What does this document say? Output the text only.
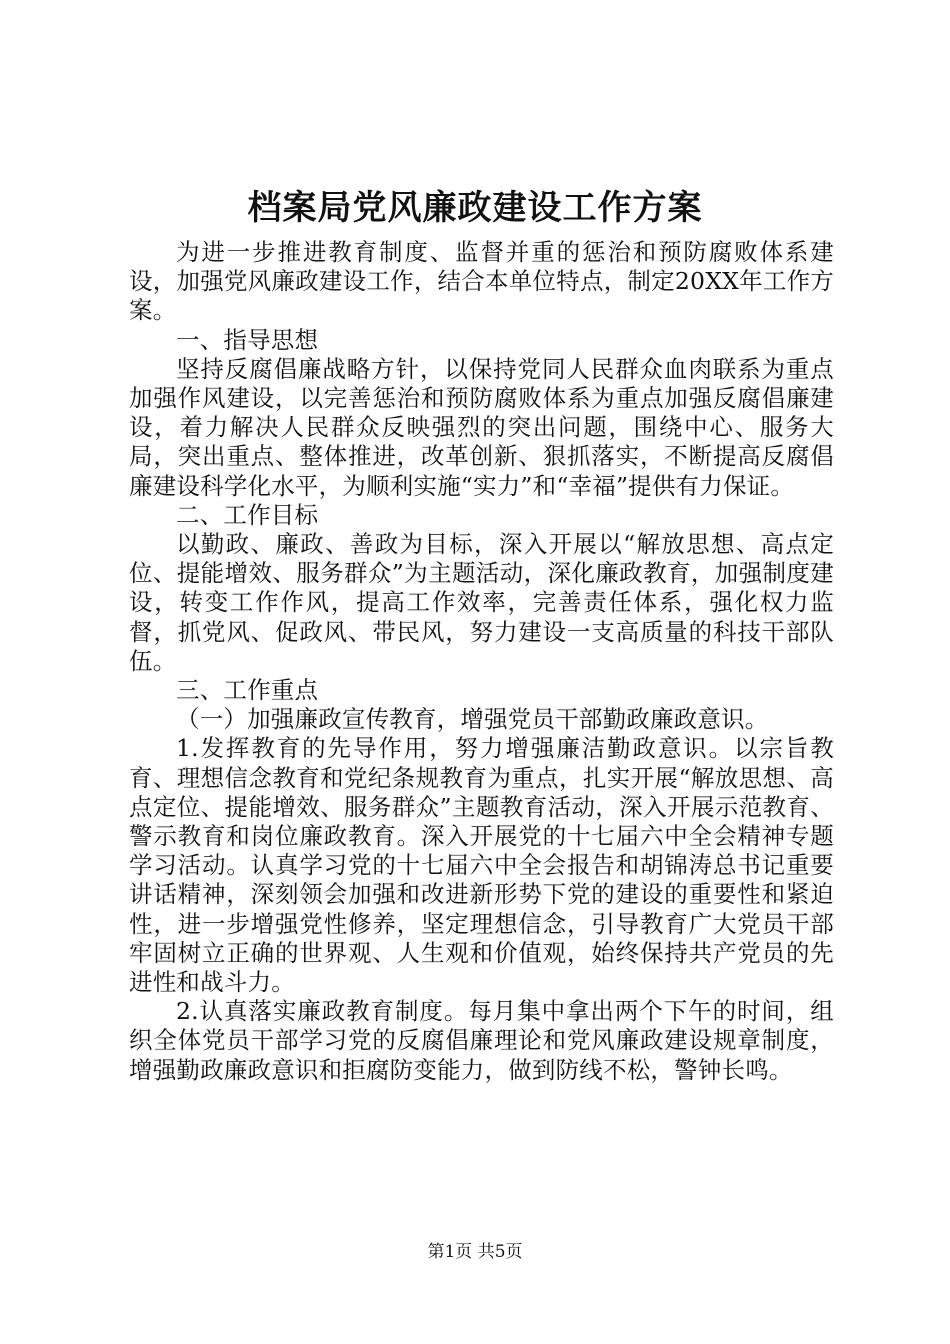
档案局党风廉政建设工作方案

为进一步推进教育制度、监督并重的惩治和预防腐败体系建设，加强党风廉政建设工作，结合本单位特点，制定20XX年工作方案。

一、指导思想

坚持反腐倡廉战略方针，以保持党同人民群众血肉联系为重点加强作风建设，以完善惩治和预防腐败体系为重点加强反腐倡廉建设，着力解决人民群众反映强烈的突出问题，围绕中心、服务大局，突出重点、整体推进，改革创新、狠抓落实，不断提高反腐倡廉建设科学化水平，为顺利实施“实力”和“幸福”提供有力保证。

二、工作目标

以勤政、廉政、善政为目标，深入开展以“解放思想、高点定位、提能增效、服务群众”为主题活动，深化廉政教育，加强制度建设，转变工作作风，提高工作效率，完善责任体系，强化权力监督，抓党风、促政风、带民风，努力建设一支高质量的科技干部队伍。

三、工作重点

（一）加强廉政宣传教育，增强党员干部勤政廉政意识。

1.发挥教育的先导作用，努力增强廉洁勤政意识。以宗旨教育、理想信念教育和党纪条规教育为重点，扎实开展“解放思想、高点定位、提能增效、服务群众”主题教育活动，深入开展示范教育、警示教育和岗位廉政教育。深入开展党的十七届六中全会精神专题学习活动。认真学习党的十七届六中全会报告和胡锦涛总书记重要讲话精神，深刻领会加强和改进新形势下党的建设的重要性和紧迫性，进一步增强党性修养，坚定理想信念，引导教育广大党员干部牢固树立正确的世界观、人生观和价值观，始终保持共产党员的先进性和战斗力。

2.认真落实廉政教育制度。每月集中拿出两个下午的时间，组织全体党员干部学习党的反腐倡廉理论和党风廉政建设规章制度，增强勤政廉政意识和拒腐防变能力，做到防线不松，警钟长鸣。

第1页 共5页
